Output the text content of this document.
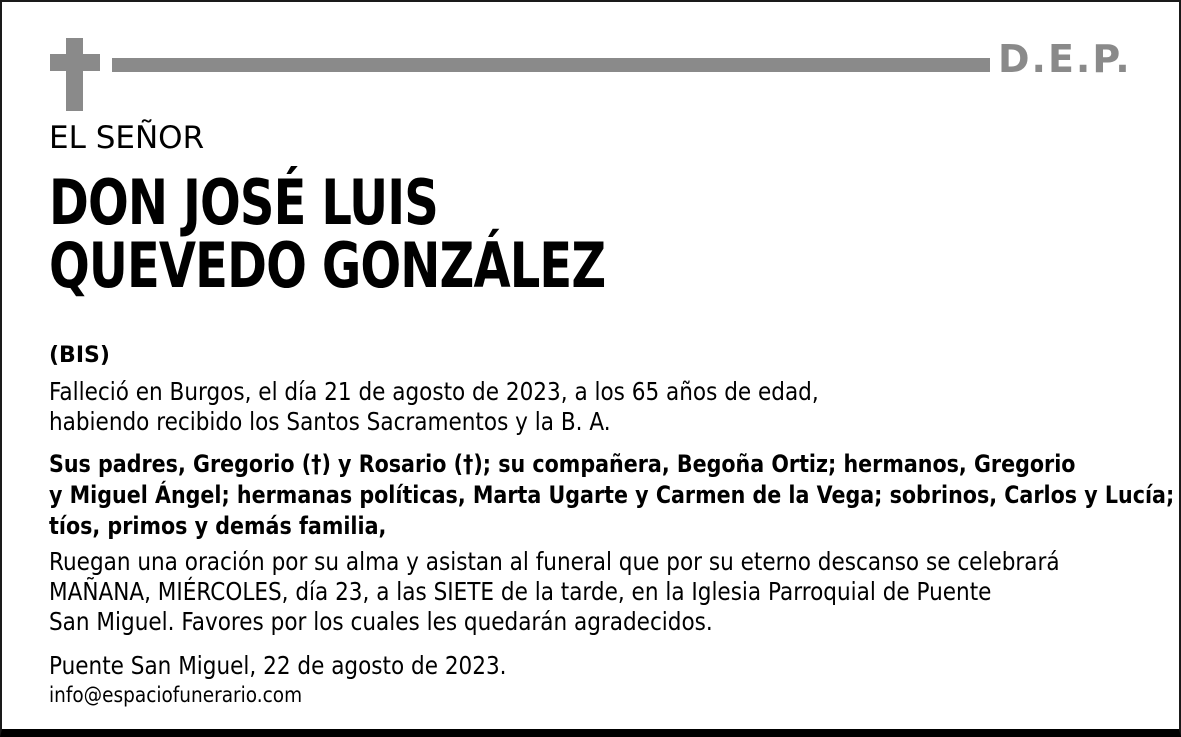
D.E.P.
EL SEÑOR
DON JOSÉ LUIS
QUEVEDO GONZÁLEZ
(BIS)
Falleció en Burgos, el día 21 de agosto de 2023, a los 65 años de edad,
habiendo recibido los Santos Sacramentos y la B. A.
Sus padres, Gregorio (†) y Rosario (†); su compañera, Begoña Ortiz; hermanos, Gregorio
y Miguel Ángel; hermanas políticas, Marta Ugarte y Carmen de la Vega; sobrinos, Carlos y Lucía;
tíos, primos y demás familia,
Ruegan una oración por su alma y asistan al funeral que por su eterno descanso se celebrará
MAÑANA, MIÉRCOLES, día 23, a las SIETE de la tarde, en la Iglesia Parroquial de Puente
San Miguel. Favores por los cuales les quedarán agradecidos.
Puente San Miguel, 22 de agosto de 2023.
info@espaciofunerario.com
